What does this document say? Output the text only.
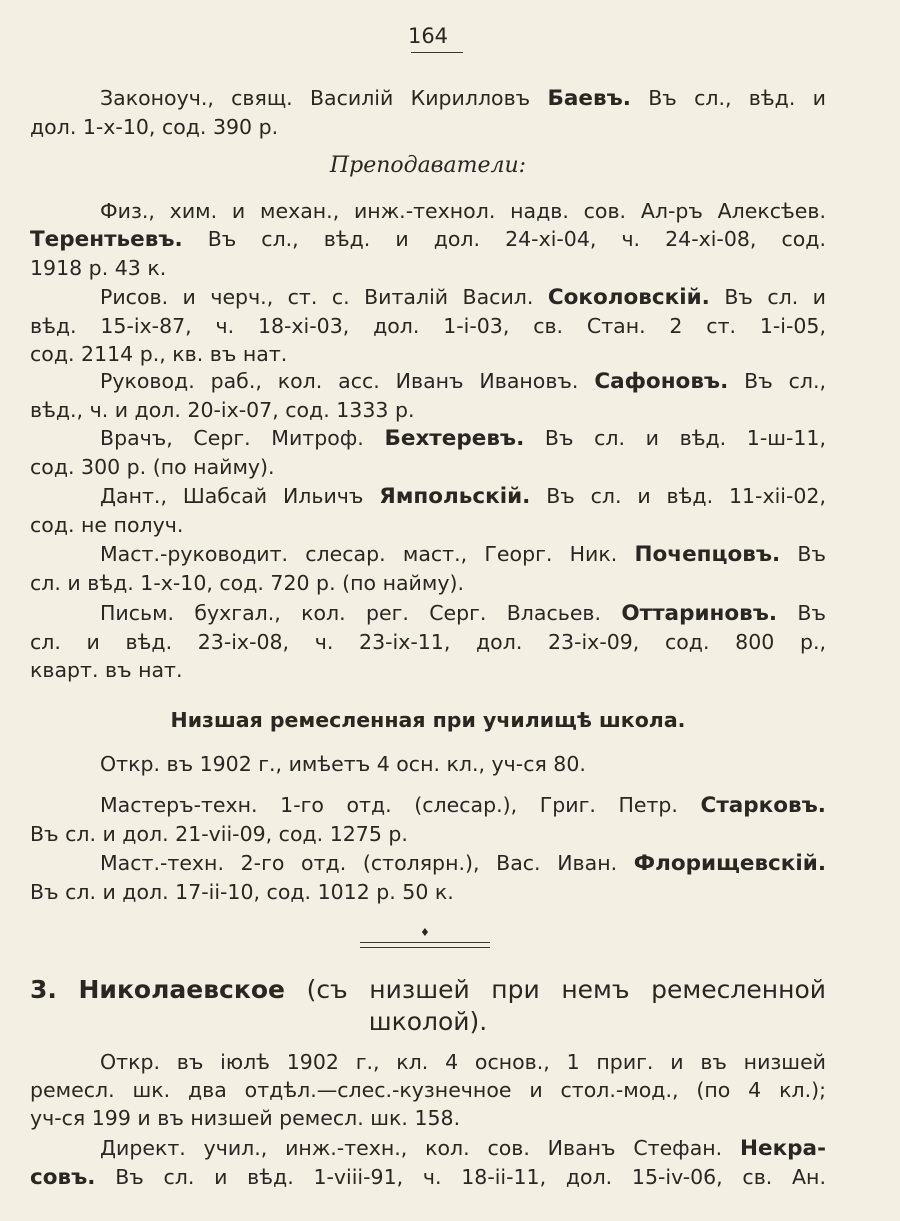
164
Законоуч., свящ. Василій Кирилловъ Баевъ. Въ сл., вѣд. и
дол. 1-x-10, сод. 390 р.
Преподаватели:
Физ., хим. и механ., инж.-технол. надв. сов. Ал-ръ Алексѣев.
Терентьевъ. Въ сл., вѣд. и дол. 24-xi-04, ч. 24-xi-08, сод.
1918 р. 43 к.
Рисов. и черч., ст. с. Виталій Васил. Соколовскій. Въ сл. и
вѣд. 15-ix-87, ч. 18-xi-03, дол. 1-i-03, св. Стан. 2 ст. 1-i-05,
сод. 2114 р., кв. въ нат.
Руковод. раб., кол. асс. Иванъ Ивановъ. Сафоновъ. Въ сл.,
вѣд., ч. и дол. 20-ix-07, сод. 1333 р.
Врачъ, Серг. Митроф. Бехтеревъ. Въ сл. и вѣд. 1-ш-11,
сод. 300 р. (по найму).
Дант., Шабсай Ильичъ Ямпольскій. Въ сл. и вѣд. 11-xii-02,
сод. не получ.
Маст.-руководит. слесар. маст., Георг. Ник. Почепцовъ. Въ
сл. и вѣд. 1-x-10, сод. 720 р. (по найму).
Письм. бухгал., кол. рег. Серг. Власьев. Оттариновъ. Въ
сл. и вѣд. 23-ix-08, ч. 23-ix-11, дол. 23-ix-09, сод. 800 р.,
кварт. въ нат.
Низшая ремесленная при училищѣ школа.
Откр. въ 1902 г., имѣетъ 4 осн. кл., уч-ся 80.
Мастеръ-техн. 1-го отд. (слесар.), Григ. Петр. Старковъ.
Въ сл. и дол. 21-vii-09, сод. 1275 р.
Маст.-техн. 2-го отд. (столярн.), Вас. Иван. Флорищевскій.
Въ сл. и дол. 17-ii-10, сод. 1012 р. 50 к.
♦
3. Николаевское (съ низшей при немъ ремесленной
школой).
Откр. въ іюлѣ 1902 г., кл. 4 основ., 1 приг. и въ низшей
ремесл. шк. два отдѣл.—слес.-кузнечное и стол.-мод., (по 4 кл.);
уч-ся 199 и въ низшей ремесл. шк. 158.
Директ. учил., инж.-техн., кол. сов. Иванъ Стефан. Некра-
совъ. Въ сл. и вѣд. 1-viii-91, ч. 18-ii-11, дол. 15-iv-06, св. Ан.
